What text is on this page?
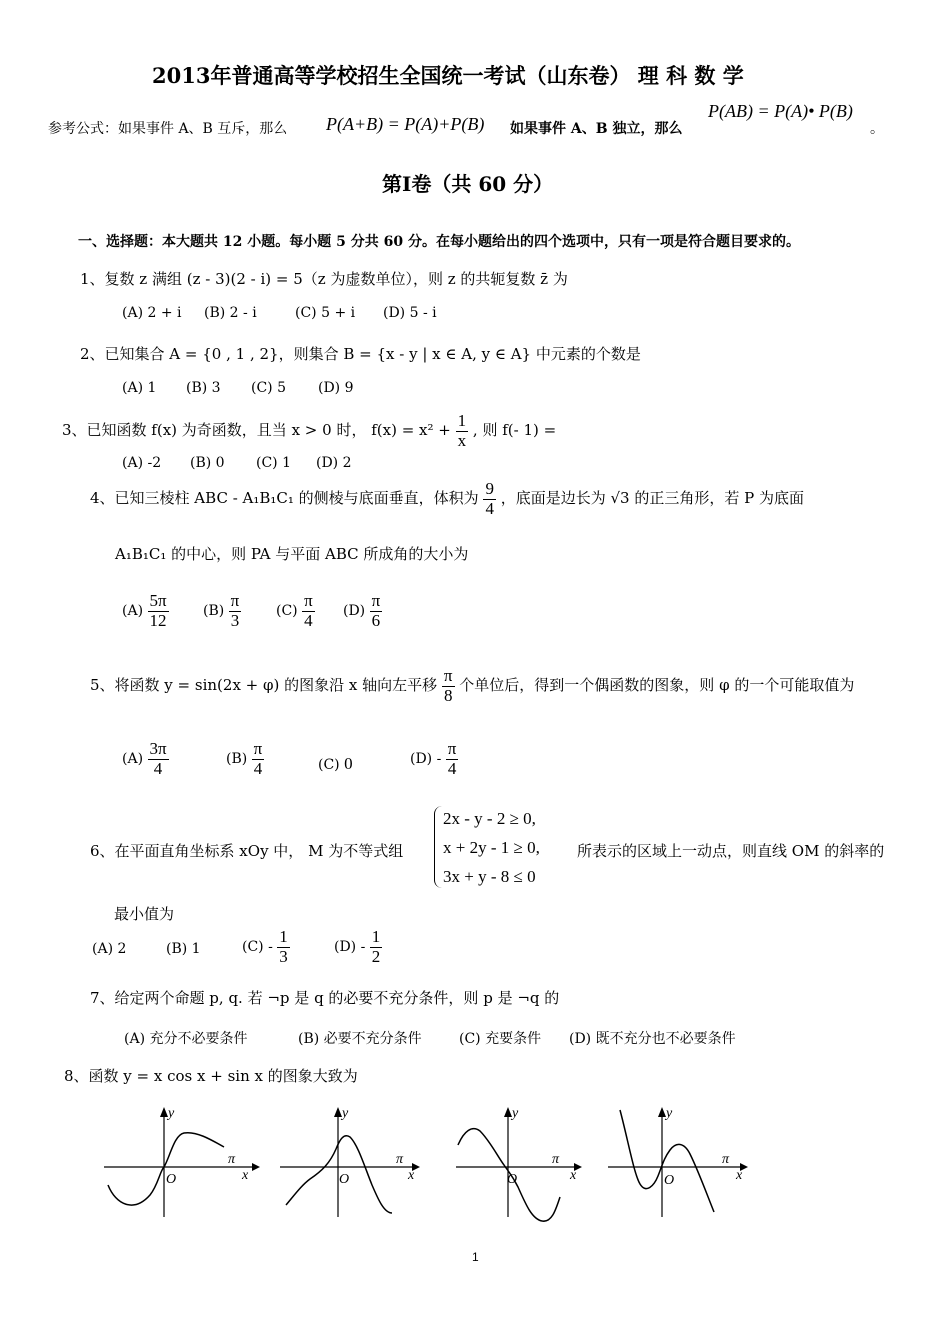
2013年普通高等学校招生全国统一考试（山东卷） 理 科 数 学
参考公式：如果事件 A、B 互斥，那么 P(A+B) = P(A)+P(B) 如果事件 A、B 独立，那么
P(AB) = P(A)• P(B)
。
第Ⅰ卷（共 60 分）
一、选择题：本大题共 12 小题。每小题 5 分共 60 分。在每小题给出的四个选项中，只有一项是符合题目要求的。
1、复数 z 满组 (z - 3)(2 - i) = 5（z 为虚数单位），则 z 的共轭复数 z̄ 为
(A) 2 + i (B) 2 - i	(C) 5 + i (D) 5 - i
2、已知集合 A = {0 , 1 , 2}，则集合 B = {x - y | x ∈ A, y ∈ A} 中元素的个数是
(A) 1 (B) 3 (C) 5 (D) 9
3、已知函数 f(x) 为奇函数，且当 x > 0 时， $f(x) = x^2 + \frac{1}{x}$ , 则 f(- 1) =
(A) -2 (B) 0 (C) 1 (D) 2
4、已知三棱柱 ABC - A₁B₁C₁ 的侧棱与底面垂直，体积为 $\frac{9}{4}$ ，底面是边长为 √3 的正三角形，若 P 为底面
A₁B₁C₁ 的中心，则 PA 与平面 ABC 所成角的大小为
$(A) \frac{5\pi}{12} (B) \frac{\pi}{3} (C) \frac{\pi}{4} (D) \frac{\pi}{6}$
5、将函数 y = sin(2x + φ) 的图象沿 x 轴向左平移 $\frac{\pi}{8}$ 个单位后，得到一个偶函数的图象，则 φ 的一个可能取值为
$(A) \frac{3\pi}{4}$	$(B) \frac{\pi}{4}$	(C) 0	$(D) - \frac{\pi}{4}$
6、在平面直角坐标系 xOy 中， M 为不等式组
2x - y - 2 ≥ 0,
x + 2y - 1 ≥ 0,
3x + y - 8 ≤ 0
所表示的区域上一动点，则直线 OM 的斜率的
最小值为
(A) 2	(B) 1	$(C) - \frac{1}{3}$	$(D) - \frac{1}{2}$
7、给定两个命题 p, q. 若 ¬p 是 q 的必要不充分条件，则 p 是 ¬q 的
(A) 充分不必要条件	(B) 必要不充分条件	(C) 充要条件 (D) 既不充分也不必要条件
8、函数 y = x cos x + sin x 的图象大致为
y
O
π
x
y
O
π
x
y
O
π
x
y
O
π
x
1
